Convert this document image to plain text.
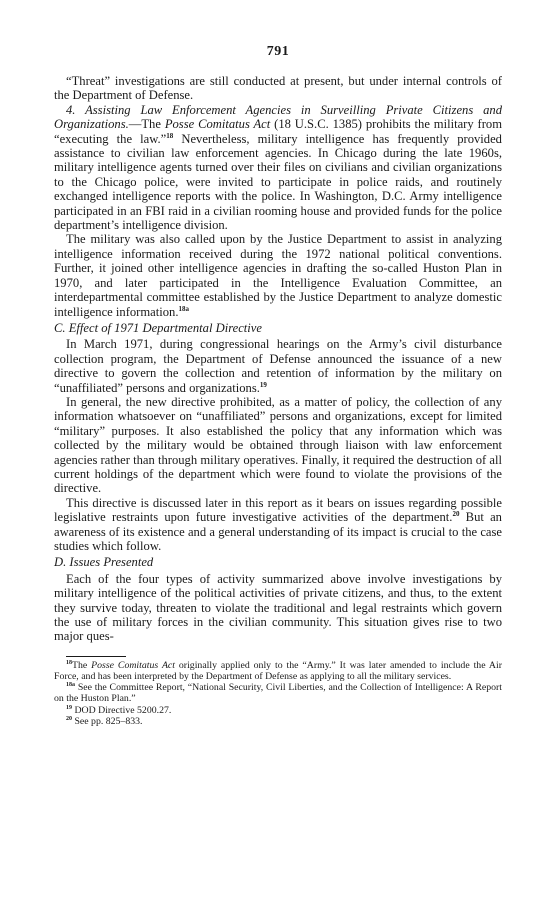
791

“Threat” investigations are still conducted at present, but under internal controls of the Department of Defense.

4. Assisting Law Enforcement Agencies in Surveilling Private Citizens and Organizations.—The Posse Comitatus Act (18 U.S.C. 1385) prohibits the military from “executing the law.”$^{18}$ Nevertheless, military intelligence has frequently provided assistance to civilian law enforcement agencies. In Chicago during the late 1960s, military intelligence agents turned over their files on civilians and civilian organizations to the Chicago police, were invited to participate in police raids, and routinely exchanged intelligence reports with the police. In Washington, D.C. Army intelligence participated in an FBI raid in a civilian rooming house and provided funds for the police department’s intelligence division.

The military was also called upon by the Justice Department to assist in analyzing intelligence information received during the 1972 national political conventions. Further, it joined other intelligence agencies in drafting the so-called Huston Plan in 1970, and later participated in the Intelligence Evaluation Committee, an interdepartmental committee established by the Justice Department to analyze domestic intelligence information.$^{18a}$

C. Effect of 1971 Departmental Directive

In March 1971, during congressional hearings on the Army’s civil disturbance collection program, the Department of Defense announced the issuance of a new directive to govern the collection and retention of information by the military on “unaffiliated” persons and organizations.$^{19}$

In general, the new directive prohibited, as a matter of policy, the collection of any information whatsoever on “unaffiliated” persons and organizations, except for limited “military” purposes. It also established the policy that any information which was collected by the military would be obtained through liaison with law enforcement agencies rather than through military operatives. Finally, it required the destruction of all current holdings of the department which were found to violate the provisions of the directive.

This directive is discussed later in this report as it bears on issues regarding possible legislative restraints upon future investigative activities of the department.$^{20}$ But an awareness of its existence and a general understanding of its impact is crucial to the case studies which follow.

D. Issues Presented

Each of the four types of activity summarized above involve investigations by military intelligence of the political activities of private citizens, and thus, to the extent they survive today, threaten to violate the traditional and legal restraints which govern the use of military forces in the civilian community. This situation gives rise to two major ques-

$^{18}$The Posse Comitatus Act originally applied only to the “Army.” It was later amended to include the Air Force, and has been interpreted by the Department of Defense as applying to all the military services.

$^{18a}$ See the Committee Report, “National Security, Civil Liberties, and the Collection of Intelligence: A Report on the Huston Plan.”

$^{19}$ DOD Directive 5200.27.

$^{20}$ See pp. 825–833.
